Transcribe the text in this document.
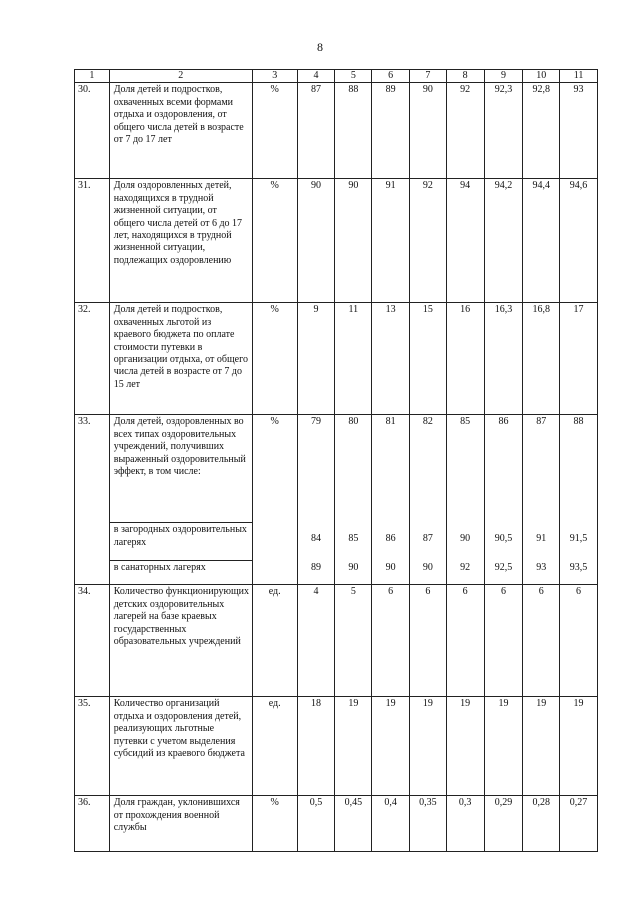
8
1	2	3	4	5	6	7	8	9	10	11
30.	Доля детей и подростков, охваченных всеми формами отдыха и оздоровления, от общего числа детей в возрасте от 7 до 17 лет	%	87	88	89	90	92	92,3	92,8	93
31.	Доля оздоровленных детей, находящихся в трудной жизненной ситуации, от общего числа детей от 6 до 17 лет, находящихся в трудной жизненной ситуации, подлежащих оздоровлению	%	90	90	91	92	94	94,2	94,4	94,6
32.	Доля детей и подростков, охваченных льготой из краевого бюджета по оплате стоимости путевки в организации отдыха, от общего числа детей в возрасте от 7 до 15 лет	%	9	11	13	15	16	16,3	16,8	17
33.	Доля детей, оздоровленных во всех типах оздоровительных учреждений, получивших выраженный оздоровительный эффект, в том числе:	%	79	80	81	82	85	86	87	88
	в загородных оздоровительных лагерях		84	85	86	87	90	90,5	91	91,5
	в санаторных лагерях		89	90	90	90	92	92,5	93	93,5
34.	Количество функционирующих детских оздоровительных лагерей на базе краевых государственных образовательных учреждений	ед.	4	5	6	6	6	6	6	6
35.	Количество организаций отдыха и оздоровления детей, реализующих льготные путевки с учетом выделения субсидий из краевого бюджета	ед.	18	19	19	19	19	19	19	19
36.	Доля граждан, уклонившихся от прохождения военной службы	%	0,5	0,45	0,4	0,35	0,3	0,29	0,28	0,27
